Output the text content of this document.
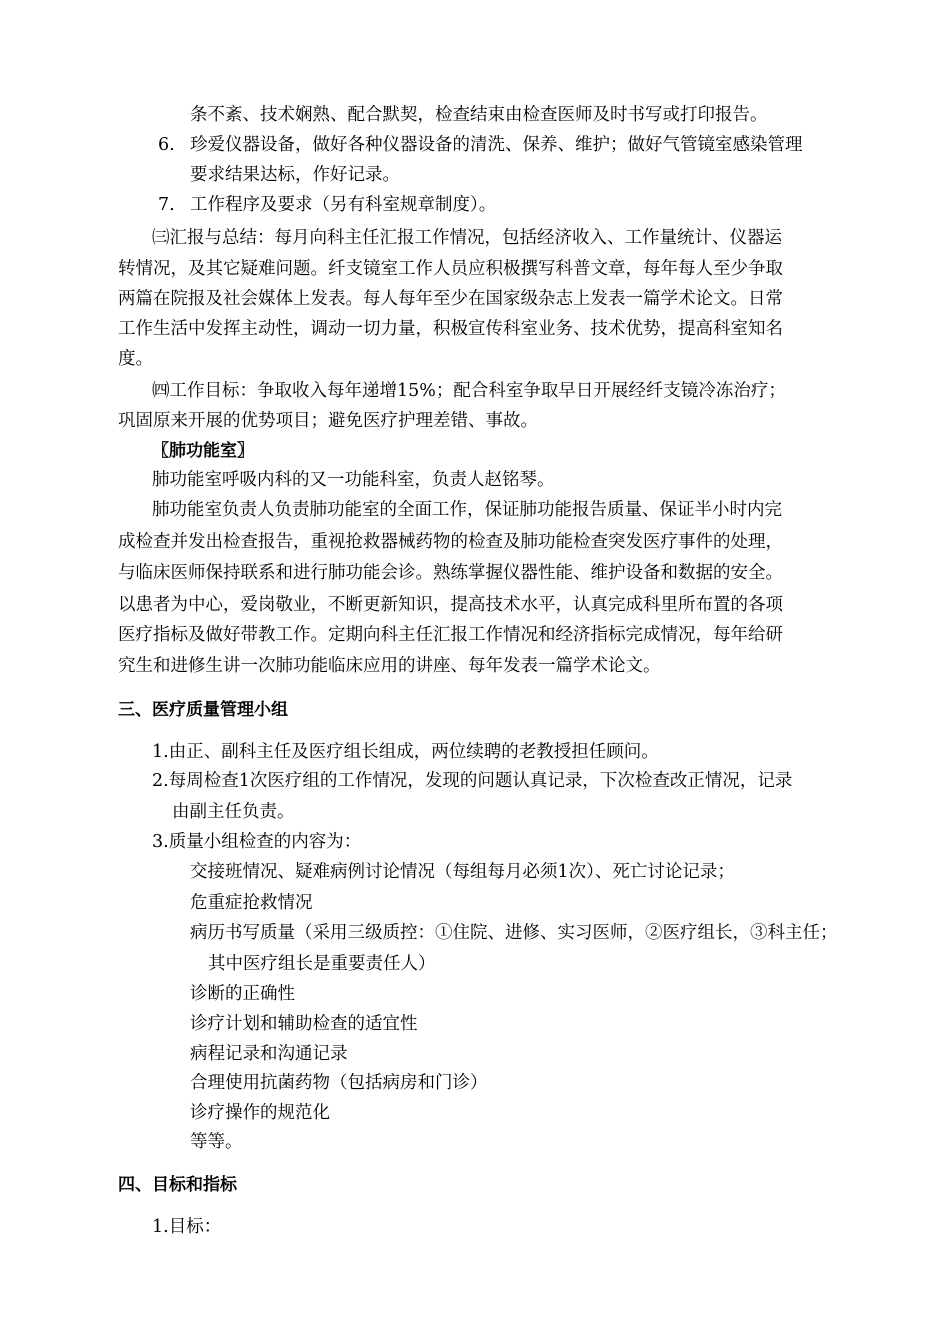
条不紊、技术娴熟、配合默契，检查结束由检查医师及时书写或打印报告。
6. 珍爱仪器设备，做好各种仪器设备的清洗、保养、维护；做好气管镜室感染管理
要求结果达标，作好记录。
7. 工作程序及要求（另有科室规章制度）。
㈢汇报与总结：每月向科主任汇报工作情况，包括经济收入、工作量统计、仪器运
转情况，及其它疑难问题。纤支镜室工作人员应积极撰写科普文章，每年每人至少争取
两篇在院报及社会媒体上发表。每人每年至少在国家级杂志上发表一篇学术论文。日常
工作生活中发挥主动性，调动一切力量，积极宣传科室业务、技术优势，提高科室知名
度。
㈣工作目标：争取收入每年递增15%；配合科室争取早日开展经纤支镜冷冻治疗；
巩固原来开展的优势项目；避免医疗护理差错、事故。
〖肺功能室〗
肺功能室呼吸内科的又一功能科室，负责人赵铭琴。
肺功能室负责人负责肺功能室的全面工作，保证肺功能报告质量、保证半小时内完
成检查并发出检查报告，重视抢救器械药物的检查及肺功能检查突发医疗事件的处理，
与临床医师保持联系和进行肺功能会诊。熟练掌握仪器性能、维护设备和数据的安全。
以患者为中心，爱岗敬业，不断更新知识，提高技术水平，认真完成科里所布置的各项
医疗指标及做好带教工作。定期向科主任汇报工作情况和经济指标完成情况，每年给研
究生和进修生讲一次肺功能临床应用的讲座、每年发表一篇学术论文。
三、医疗质量管理小组
1.由正、副科主任及医疗组长组成，两位续聘的老教授担任顾问。
2.每周检查1次医疗组的工作情况，发现的问题认真记录，下次检查改正情况，记录
由副主任负责。
3.质量小组检查的内容为：
交接班情况、疑难病例讨论情况（每组每月必须1次）、死亡讨论记录；
危重症抢救情况
病历书写质量（采用三级质控：①住院、进修、实习医师，②医疗组长，③科主任；
其中医疗组长是重要责任人）
诊断的正确性
诊疗计划和辅助检查的适宜性
病程记录和沟通记录
合理使用抗菌药物（包括病房和门诊）
诊疗操作的规范化
等等。
四、目标和指标
1.目标：
